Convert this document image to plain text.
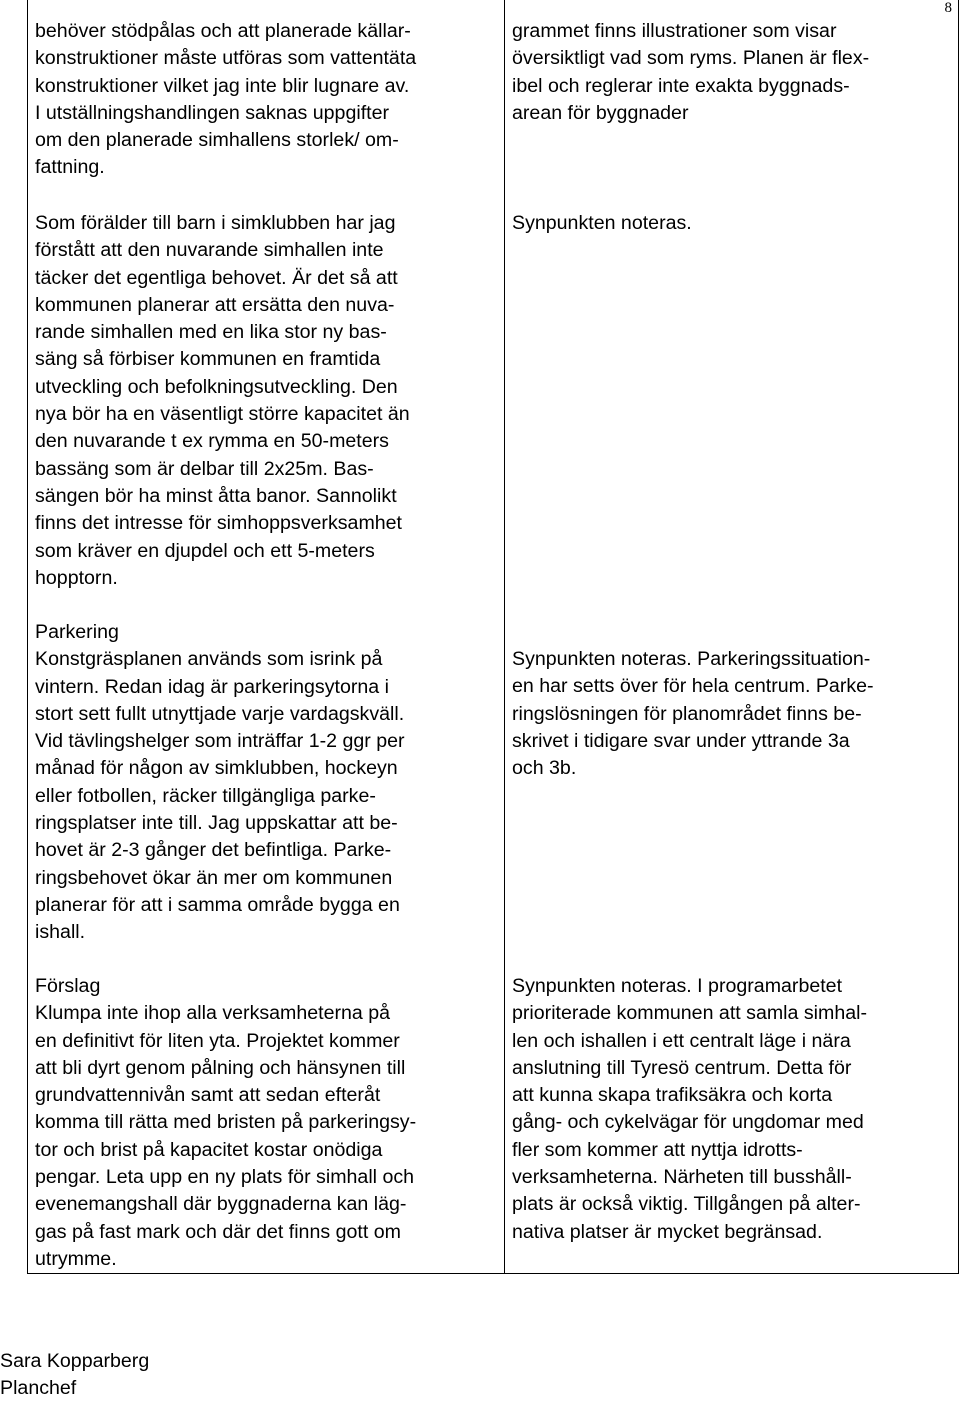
8
behöver stödpålas och att planerade källar-
konstruktioner måste utföras som vattentäta
konstruktioner vilket jag inte blir lugnare av.
I utställningshandlingen saknas uppgifter
om den planerade simhallens storlek/ om-
fattning.
Som förälder till barn i simklubben har jag
förstått att den nuvarande simhallen inte
täcker det egentliga behovet. Är det så att
kommunen planerar att ersätta den nuva-
rande simhallen med en lika stor ny bas-
säng så förbiser kommunen en framtida
utveckling och befolkningsutveckling. Den
nya bör ha en väsentligt större kapacitet än
den nuvarande t ex rymma en 50-meters
bassäng som är delbar till 2x25m. Bas-
sängen bör ha minst åtta banor. Sannolikt
finns det intresse för simhoppsverksamhet
som kräver en djupdel och ett 5-meters
hopptorn.
Parkering
Konstgräsplanen används som isrink på
vintern. Redan idag är parkeringsytorna i
stort sett fullt utnyttjade varje vardagskväll.
Vid tävlingshelger som inträffar 1-2 ggr per
månad för någon av simklubben, hockeyn
eller fotbollen, räcker tillgängliga parke-
ringsplatser inte till. Jag uppskattar att be-
hovet är 2-3 gånger det befintliga. Parke-
ringsbehovet ökar än mer om kommunen
planerar för att i samma område bygga en
ishall.
Förslag
Klumpa inte ihop alla verksamheterna på
en definitivt för liten yta. Projektet kommer
att bli dyrt genom pålning och hänsynen till
grundvattennivån samt att sedan efteråt
komma till rätta med bristen på parkeringsy-
tor och brist på kapacitet kostar onödiga
pengar. Leta upp en ny plats för simhall och
evenemangshall där byggnaderna kan läg-
gas på fast mark och där det finns gott om
utrymme.
grammet finns illustrationer som visar
översiktligt vad som ryms. Planen är flex-
ibel och reglerar inte exakta byggnads-
arean för byggnader
Synpunkten noteras.
Synpunkten noteras. Parkeringssituation-
en har setts över för hela centrum. Parke-
ringslösningen för planområdet finns be-
skrivet i tidigare svar under yttrande 3a
och 3b.
Synpunkten noteras. I programarbetet
prioriterade kommunen att samla simhal-
len och ishallen i ett centralt läge i nära
anslutning till Tyresö centrum. Detta för
att kunna skapa trafiksäkra och korta
gång- och cykelvägar för ungdomar med
fler som kommer att nyttja idrotts-
verksamheterna. Närheten till busshåll-
plats är också viktig. Tillgången på alter-
nativa platser är mycket begränsad.
Sara Kopparberg
Planchef
